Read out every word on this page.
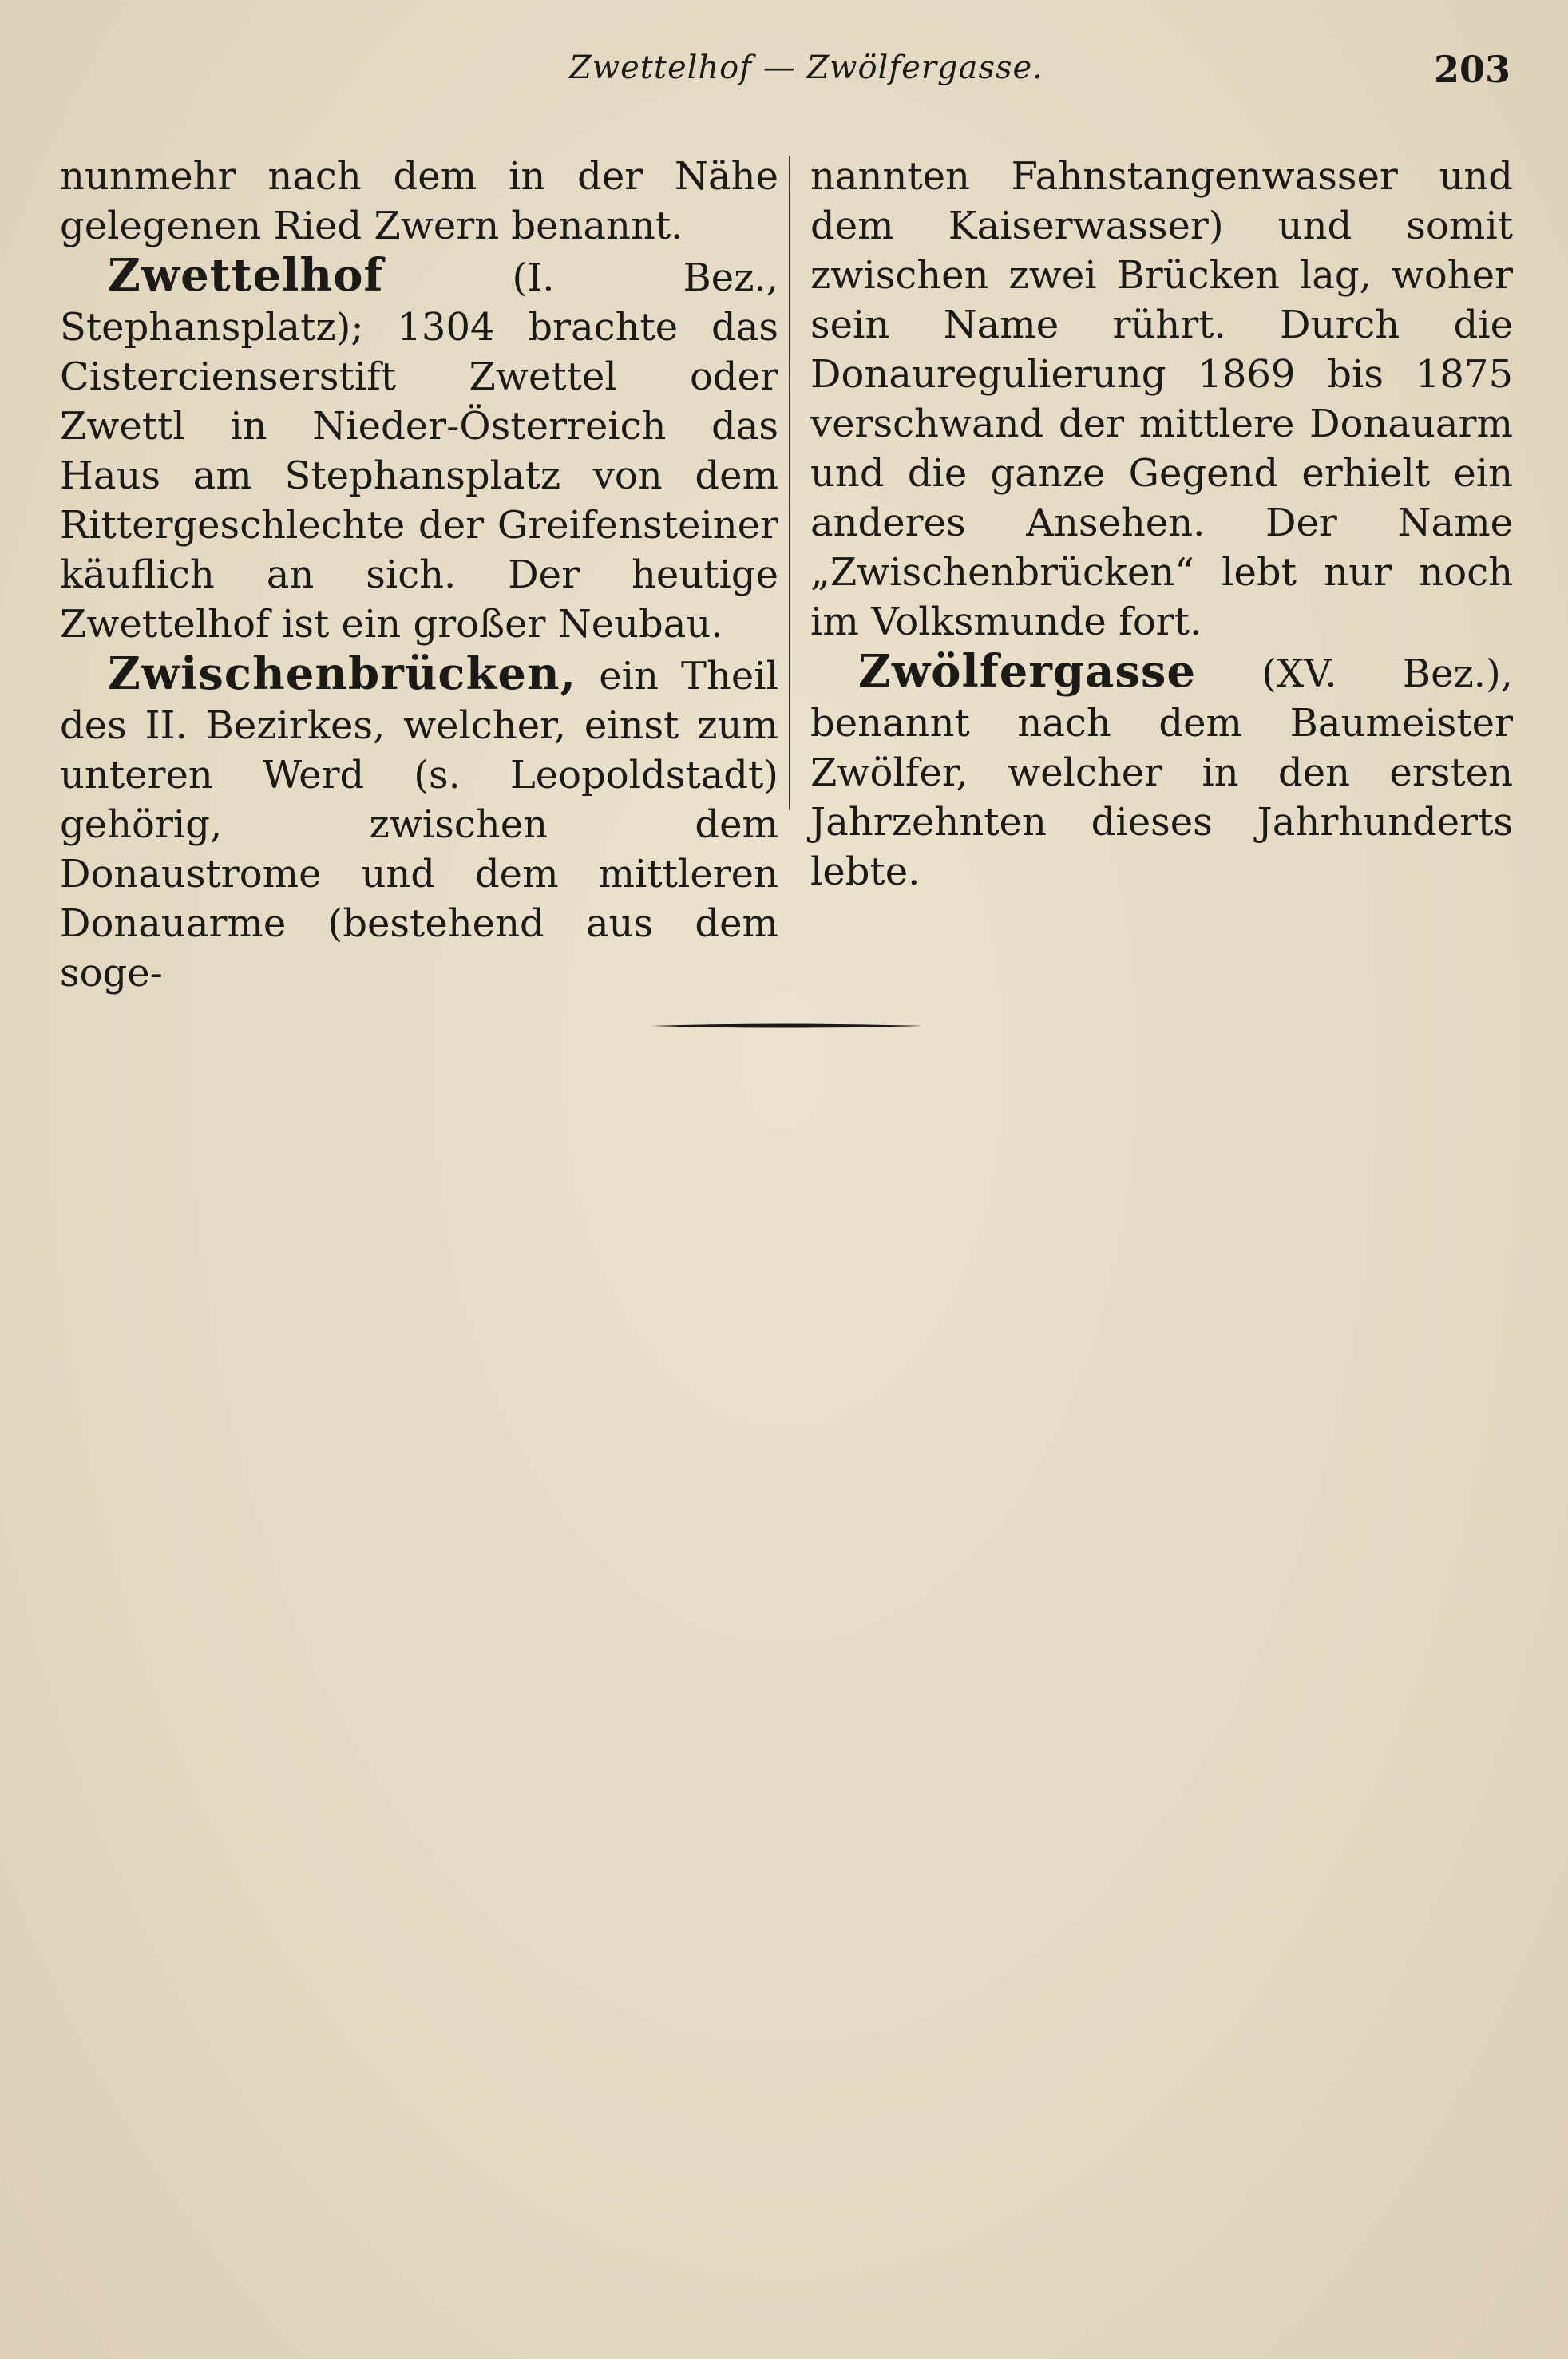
Zwettelhof — Zwölfergasse.	203

nunmehr nach dem in der Nähe gelegenen Ried Zwern benannt.

Zwettelhof (I. Bez., Stephansplatz); 1304 brachte das Cistercienserstift Zwettel oder Zwettl in Nieder-Österreich das Haus am Stephansplatz von dem Rittergeschlechte der Greifensteiner käuflich an sich. Der heutige Zwettelhof ist ein großer Neubau.

Zwischenbrücken, ein Theil des II. Bezirkes, welcher, einst zum unteren Werd (s. Leopoldstadt) gehörig, zwischen dem Donaustrome und dem mittleren Donauarme (bestehend aus dem soge-

nannten Fahnstangenwasser und dem Kaiserwasser) und somit zwischen zwei Brücken lag, woher sein Name rührt. Durch die Donauregulierung 1869 bis 1875 verschwand der mittlere Donauarm und die ganze Gegend erhielt ein anderes Ansehen. Der Name „Zwischenbrücken“ lebt nur noch im Volksmunde fort.

Zwölfergasse (XV. Bez.), benannt nach dem Baumeister Zwölfer, welcher in den ersten Jahrzehnten dieses Jahrhunderts lebte.
